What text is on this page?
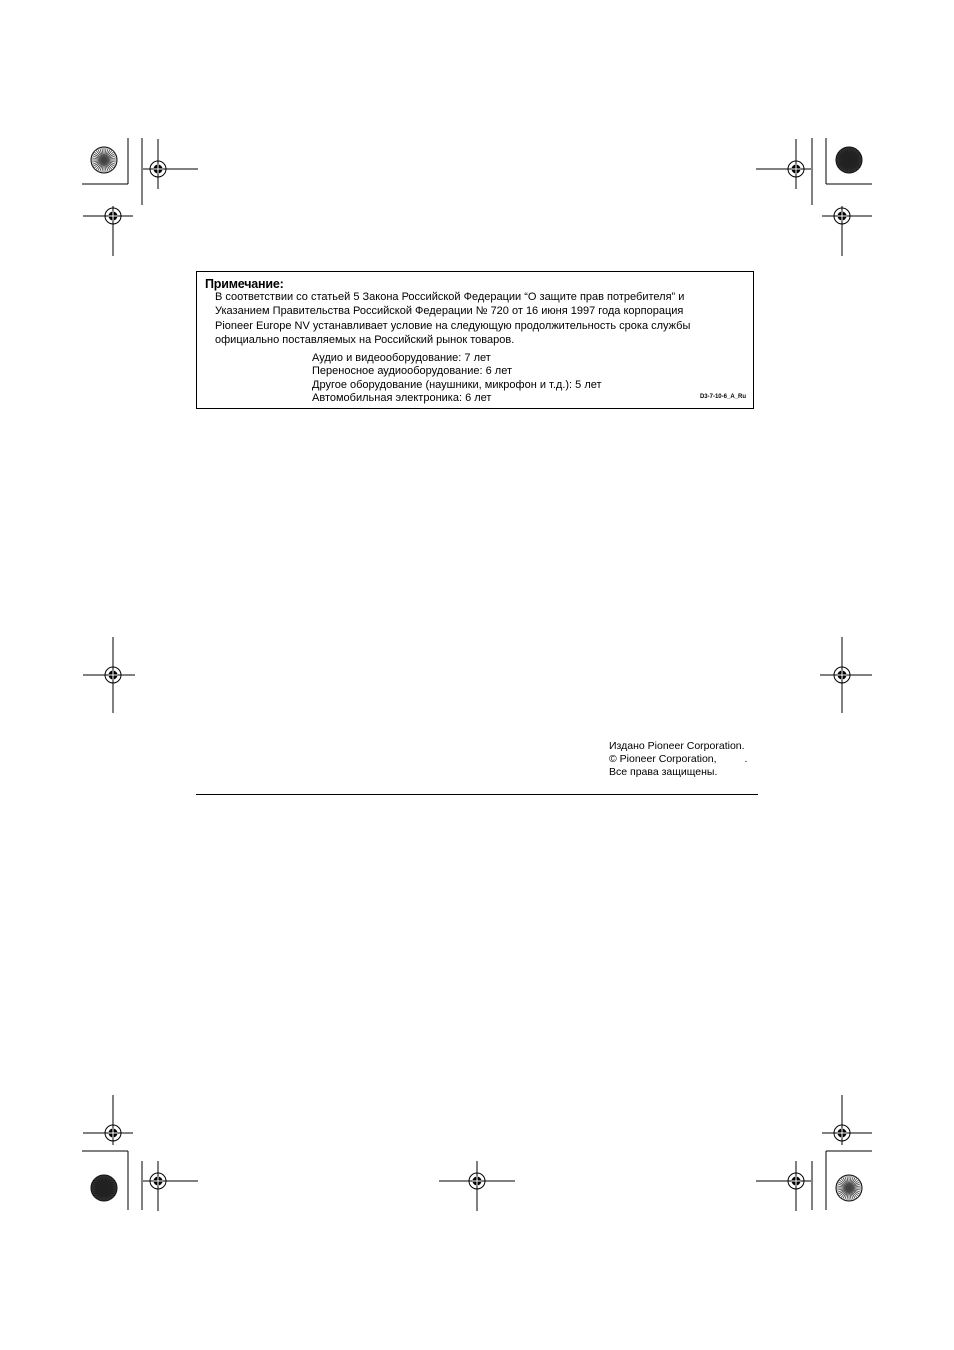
Примечание:

В соответствии со статьей 5 Закона Российской Федерации “О защите прав потребителя” и
Указанием Правительства Российской Федерации № 720 от 16 июня 1997 года корпорация
Pioneer Europe NV устанавливает условие на следующую продолжительность срока службы
официально поставляемых на Российский рынок товаров.

Аудио и видеооборудование: 7 лет
Переносное аудиооборудование: 6 лет
Другое оборудование (наушники, микрофон и т.д.): 5 лет
Автомобильная электроника: 6 лет	D3-7-10-6_A_Ru
Издано Pioneer Corporation.
© Pioneer Corporation,	.
Все права защищены.
